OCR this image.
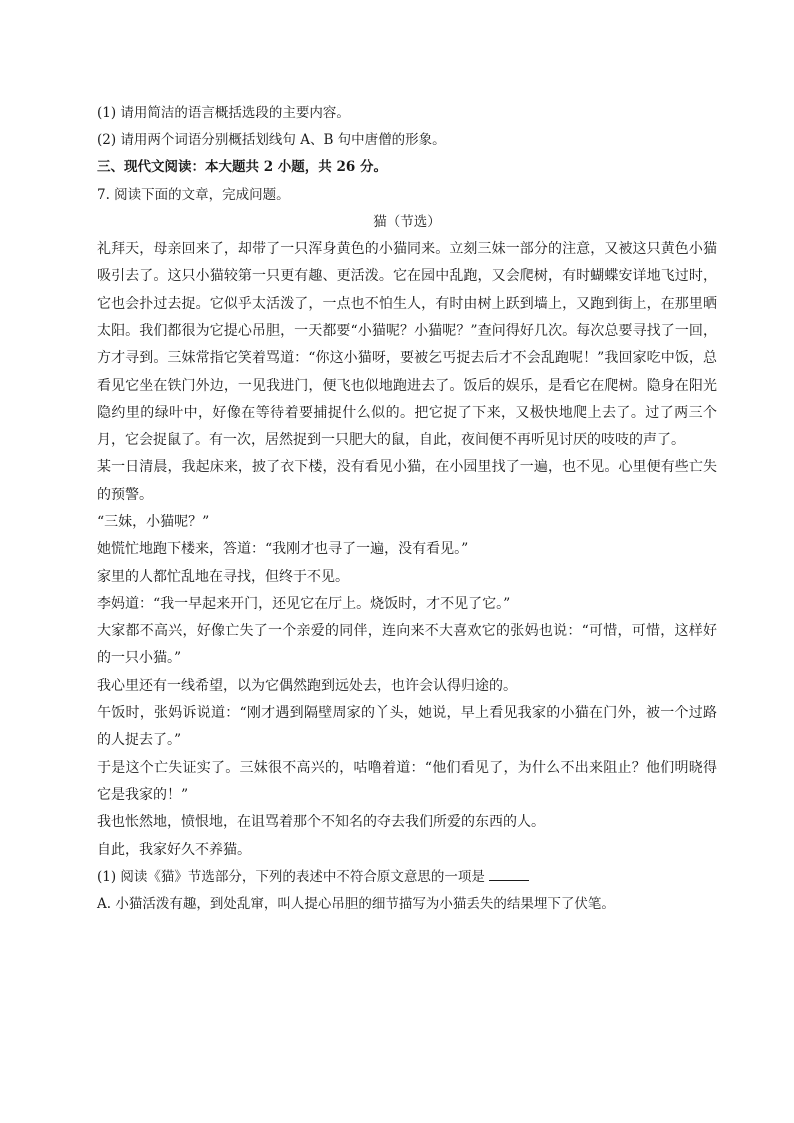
(1) 请用简洁的语言概括选段的主要内容。

(2) 请用两个词语分别概括划线句 A、B 句中唐僧的形象。

三、现代文阅读：本大题共 2 小题，共 26 分。

7. 阅读下面的文章，完成问题。

猫（节选）

礼拜天，母亲回来了，却带了一只浑身黄色的小猫同来。立刻三妹一部分的注意，又被这只黄色小猫吸引去了。这只小猫较第一只更有趣、更活泼。它在园中乱跑，又会爬树，有时蝴蝶安详地飞过时，它也会扑过去捉。它似乎太活泼了，一点也不怕生人，有时由树上跃到墙上，又跑到街上，在那里晒太阳。我们都很为它提心吊胆，一天都要“小猫呢？小猫呢？”查问得好几次。每次总要寻找了一回，方才寻到。三妹常指它笑着骂道：“你这小猫呀，要被乞丐捉去后才不会乱跑呢！”我回家吃中饭，总看见它坐在铁门外边，一见我进门，便飞也似地跑进去了。饭后的娱乐，是看它在爬树。隐身在阳光隐约里的绿叶中，好像在等待着要捕捉什么似的。把它捉了下来，又极快地爬上去了。过了两三个月，它会捉鼠了。有一次，居然捉到一只肥大的鼠，自此，夜间便不再听见讨厌的吱吱的声了。

某一日清晨，我起床来，披了衣下楼，没有看见小猫，在小园里找了一遍，也不见。心里便有些亡失的预警。

“三妹，小猫呢？”

她慌忙地跑下楼来，答道：“我刚才也寻了一遍，没有看见。”

家里的人都忙乱地在寻找，但终于不见。

李妈道：“我一早起来开门，还见它在厅上。烧饭时，才不见了它。”

大家都不高兴，好像亡失了一个亲爱的同伴，连向来不大喜欢它的张妈也说：“可惜，可惜，这样好的一只小猫。”

我心里还有一线希望，以为它偶然跑到远处去，也许会认得归途的。

午饭时，张妈诉说道：“刚才遇到隔壁周家的丫头，她说，早上看见我家的小猫在门外，被一个过路的人捉去了。”

于是这个亡失证实了。三妹很不高兴的，咕噜着道：“他们看见了，为什么不出来阻止？他们明晓得它是我家的！”

我也怅然地，愤恨地，在诅骂着那个不知名的夺去我们所爱的东西的人。

自此，我家好久不养猫。

(1) 阅读《猫》节选部分，下列的表述中不符合原文意思的一项是

A. 小猫活泼有趣，到处乱窜，叫人提心吊胆的细节描写为小猫丢失的结果埋下了伏笔。
